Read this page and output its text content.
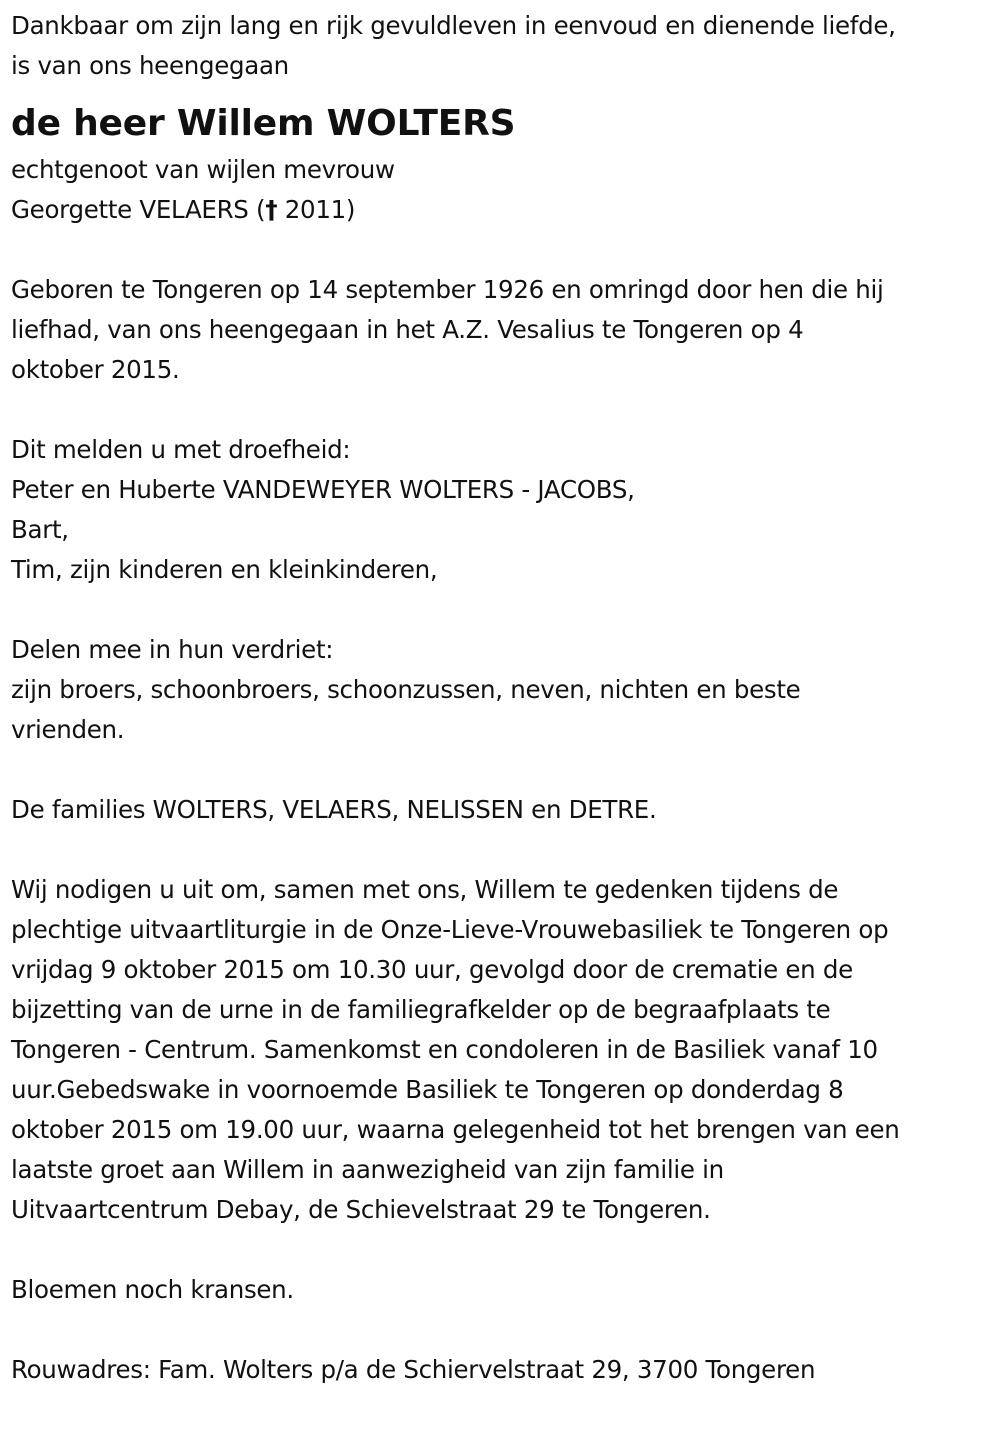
Dankbaar om zijn lang en rijk gevuldleven in eenvoud en dienende liefde,

is van ons heengegaan

de heer Willem WOLTERS

echtgenoot van wijlen mevrouw

Georgette VELAERS († 2011)

Geboren te Tongeren op 14 september 1926 en omringd door hen die hij

liefhad, van ons heengegaan in het A.Z. Vesalius te Tongeren op 4

oktober 2015.

Dit melden u met droefheid:

Peter en Huberte VANDEWEYER WOLTERS - JACOBS,

Bart,

Tim, zijn kinderen en kleinkinderen,

Delen mee in hun verdriet:

zijn broers, schoonbroers, schoonzussen, neven, nichten en beste

vrienden.

De families WOLTERS, VELAERS, NELISSEN en DETRE.

Wij nodigen u uit om, samen met ons, Willem te gedenken tijdens de

plechtige uitvaartliturgie in de Onze-Lieve-Vrouwebasiliek te Tongeren op

vrijdag 9 oktober 2015 om 10.30 uur, gevolgd door de crematie en de

bijzetting van de urne in de familiegrafkelder op de begraafplaats te

Tongeren - Centrum. Samenkomst en condoleren in de Basiliek vanaf 10

uur.Gebedswake in voornoemde Basiliek te Tongeren op donderdag 8

oktober 2015 om 19.00 uur, waarna gelegenheid tot het brengen van een

laatste groet aan Willem in aanwezigheid van zijn familie in

Uitvaartcentrum Debay, de Schievelstraat 29 te Tongeren.

Bloemen noch kransen.

Rouwadres: Fam. Wolters p/a de Schiervelstraat 29, 3700 Tongeren
